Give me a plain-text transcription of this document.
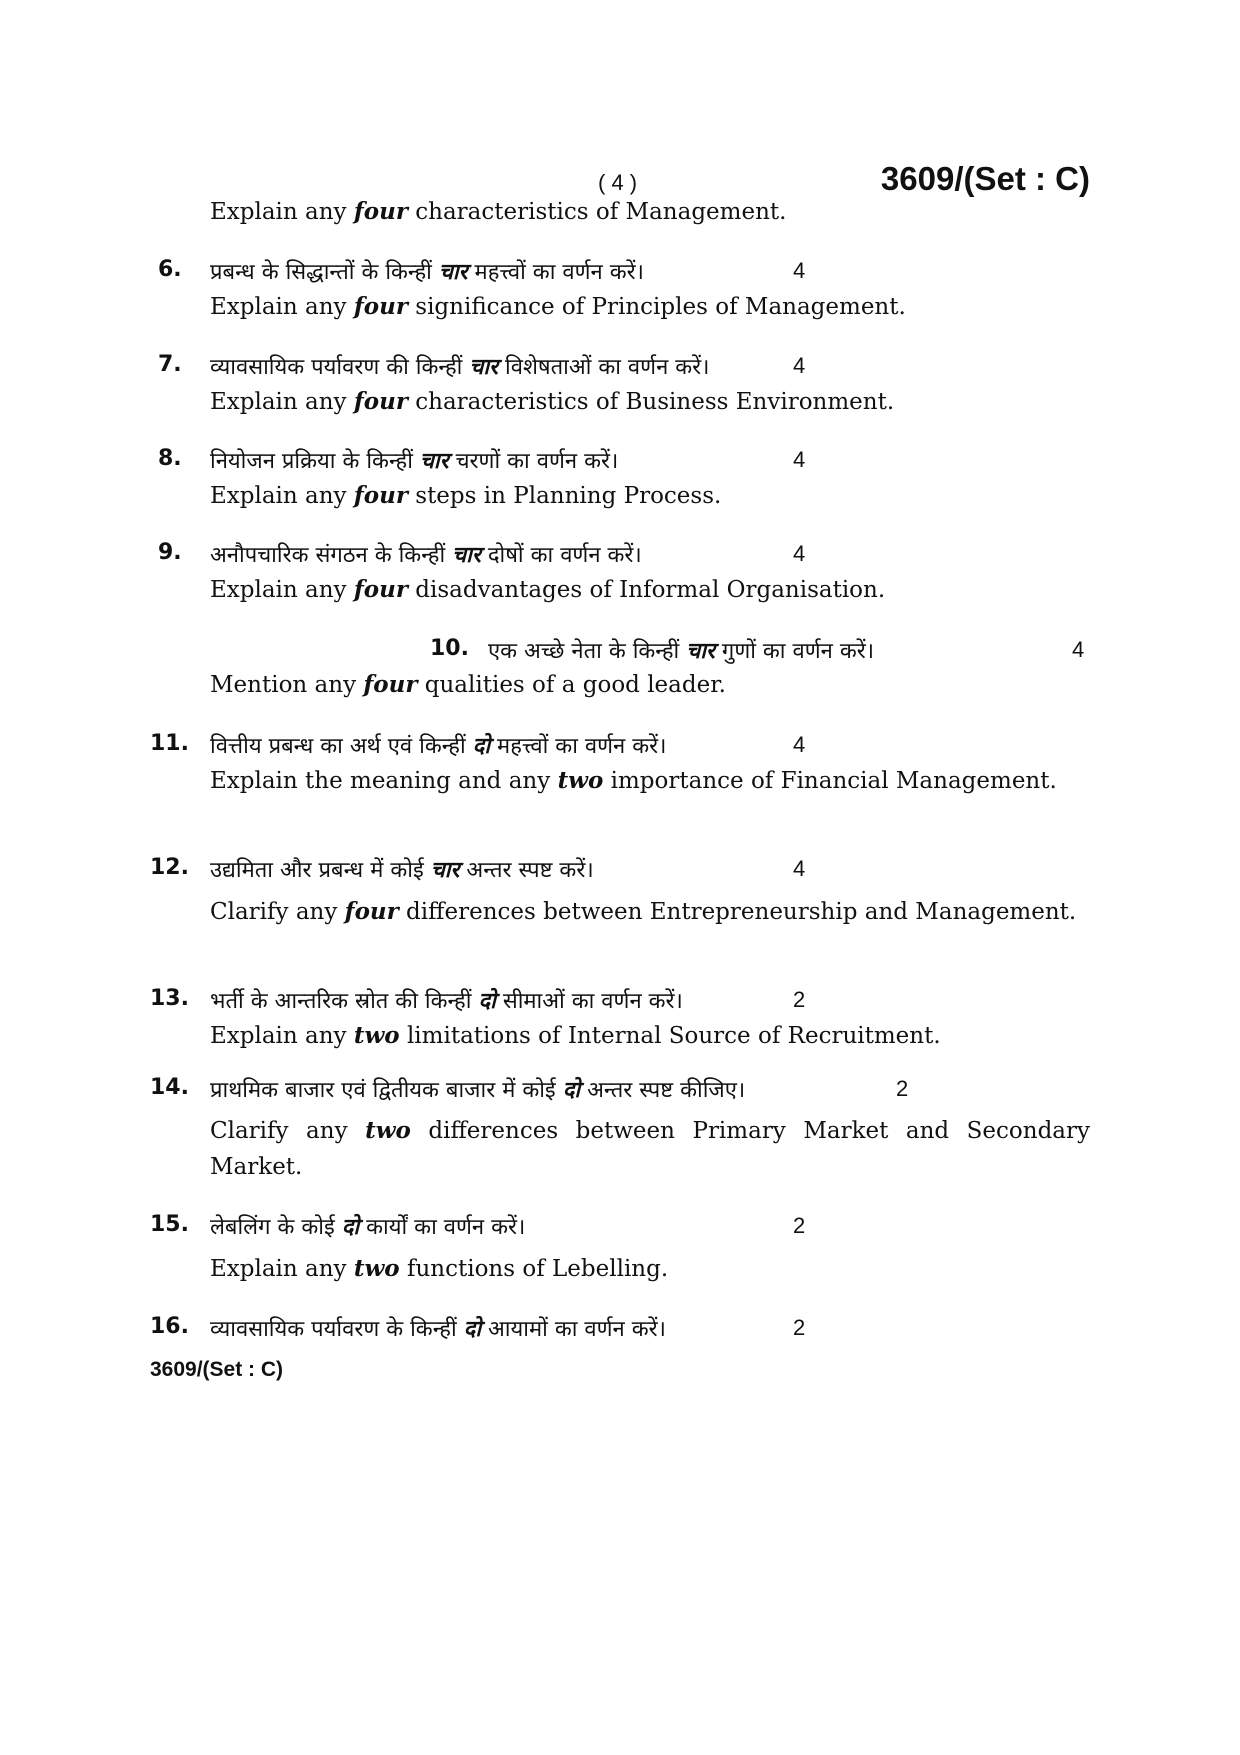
( 4 )	3609/(Set : C)
Explain any four characteristics of Management.
6. प्रबन्ध के सिद्धान्तों के किन्हीं चार महत्त्वों का वर्णन करें।	4
Explain any four significance of Principles of Management.
7. व्यावसायिक पर्यावरण की किन्हीं चार विशेषताओं का वर्णन करें।	4
Explain any four characteristics of Business Environment.
8. नियोजन प्रक्रिया के किन्हीं चार चरणों का वर्णन करें।	4
Explain any four steps in Planning Process.
9. अनौपचारिक संगठन के किन्हीं चार दोषों का वर्णन करें।	4
Explain any four disadvantages of Informal Organisation.
10. एक अच्छे नेता के किन्हीं चार गुणों का वर्णन करें।	4
Mention any four qualities of a good leader.
11. वित्तीय प्रबन्ध का अर्थ एवं किन्हीं दो महत्त्वों का वर्णन करें।	4
Explain the meaning and any two importance of Financial Management.
12. उद्यमिता और प्रबन्ध में कोई चार अन्तर स्पष्ट करें।	4
Clarify any four differences between Entrepreneurship and Management.
13. भर्ती के आन्तरिक स्रोत की किन्हीं दो सीमाओं का वर्णन करें।	2
Explain any two limitations of Internal Source of Recruitment.
14. प्राथमिक बाजार एवं द्वितीयक बाजार में कोई दो अन्तर स्पष्ट कीजिए।	2
Clarify any two differences between Primary Market and Secondary Market.
15. लेबलिंग के कोई दो कार्यों का वर्णन करें।	2
Explain any two functions of Lebelling.
16. व्यावसायिक पर्यावरण के किन्हीं दो आयामों का वर्णन करें।	2
3609/(Set : C)
